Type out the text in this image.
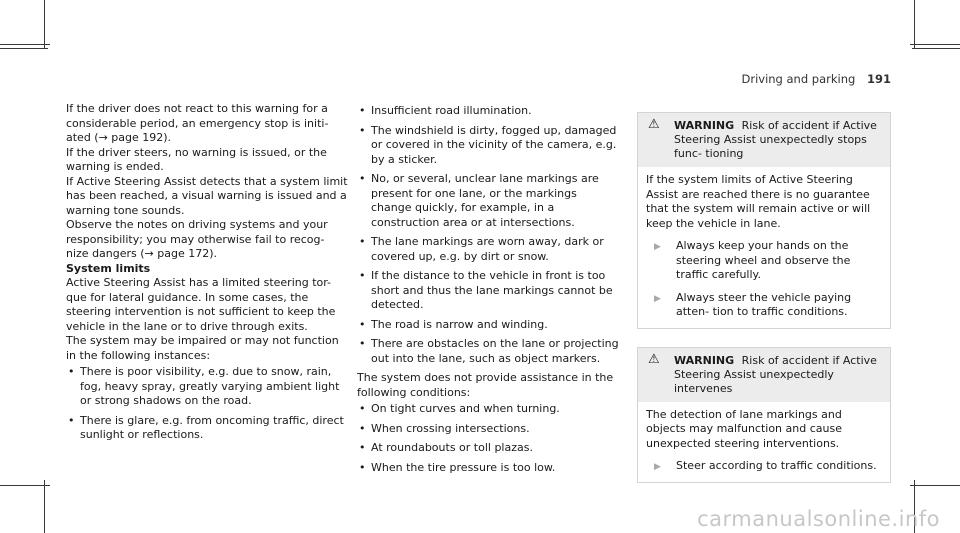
Driving and parking 191

If the driver does not react to this warning for a considerable period, an emergency stop is initi- ated (→ page 192).

If the driver steers, no warning is issued, or the warning is ended.

If Active Steering Assist detects that a system limit has been reached, a visual warning is issued and a warning tone sounds.

Observe the notes on driving systems and your responsibility; you may otherwise fail to recog- nize dangers (→ page 172).

System limits

Active Steering Assist has a limited steering tor- que for lateral guidance. In some cases, the steering intervention is not sufficient to keep the vehicle in the lane or to drive through exits.

The system may be impaired or may not function in the following instances:

• There is poor visibility, e.g. due to snow, rain, fog, heavy spray, greatly varying ambient light or strong shadows on the road.
• There is glare, e.g. from oncoming traffic, direct sunlight or reflections.
• Insufficient road illumination.
• The windshield is dirty, fogged up, damaged or covered in the vicinity of the camera, e.g. by a sticker.
• No, or several, unclear lane markings are present for one lane, or the markings change quickly, for example, in a construction area or at intersections.
• The lane markings are worn away, dark or covered up, e.g. by dirt or snow.
• If the distance to the vehicle in front is too short and thus the lane markings cannot be detected.
• The road is narrow and winding.
• There are obstacles on the lane or projecting out into the lane, such as object markers.

The system does not provide assistance in the following conditions:

• On tight curves and when turning.
• When crossing intersections.
• At roundabouts or toll plazas.
• When the tire pressure is too low.
⚠ WARNING Risk of accident if Active Steering Assist unexpectedly stops func- tioning

If the system limits of Active Steering Assist are reached there is no guarantee that the system will remain active or will keep the vehicle in lane.

▶ Always keep your hands on the steering wheel and observe the traffic carefully.
▶ Always steer the vehicle paying atten- tion to traffic conditions.
⚠ WARNING Risk of accident if Active Steering Assist unexpectedly intervenes

The detection of lane markings and objects may malfunction and cause unexpected steering interventions.

▶ Steer according to traffic conditions.
carmanualsonline.info
